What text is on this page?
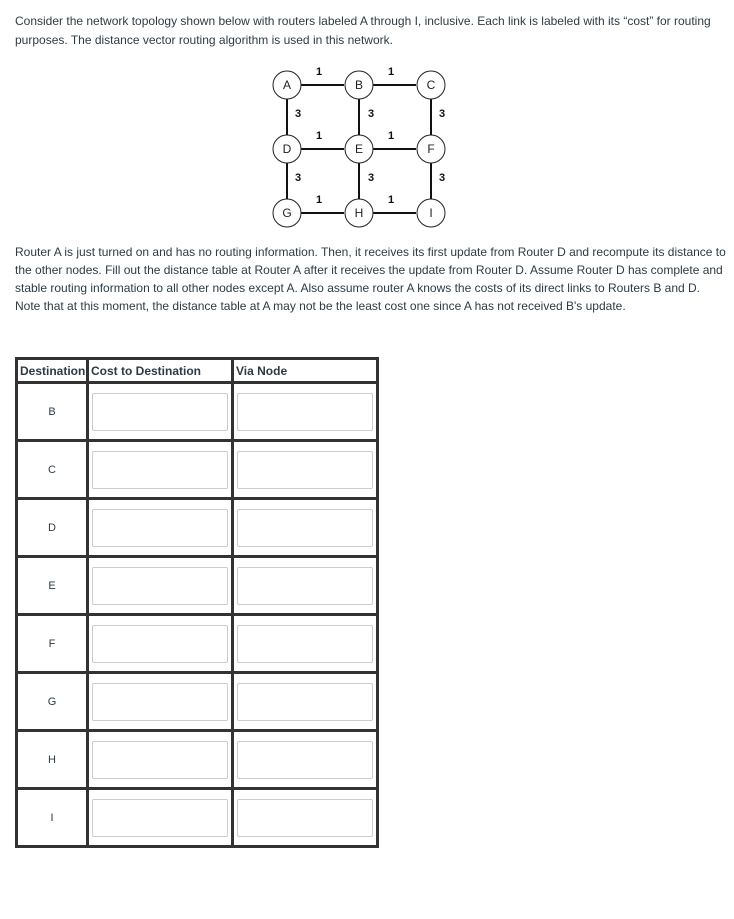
Consider the network topology shown below with routers labeled A through I, inclusive. Each link is labeled with its “cost” for routing purposes. The distance vector routing algorithm is used in this network.

1	1
1	1
1	1
3	3	3
3	3	3
A	B	C
D	E	F
G	H	I

Router A is just turned on and has no routing information. Then, it receives its first update from Router D and recompute its distance to the other nodes. Fill out the distance table at Router A after it receives the update from Router D. Assume Router D has complete and stable routing information to all other nodes except A. Also assume router A knows the costs of its direct links to Routers B and D. Note that at this moment, the distance table at A may not be the least cost one since A has not received B's update.

Destination	Cost to Destination	Via Node
B	

C	

D	

E	

F	

G	

H	

I	
